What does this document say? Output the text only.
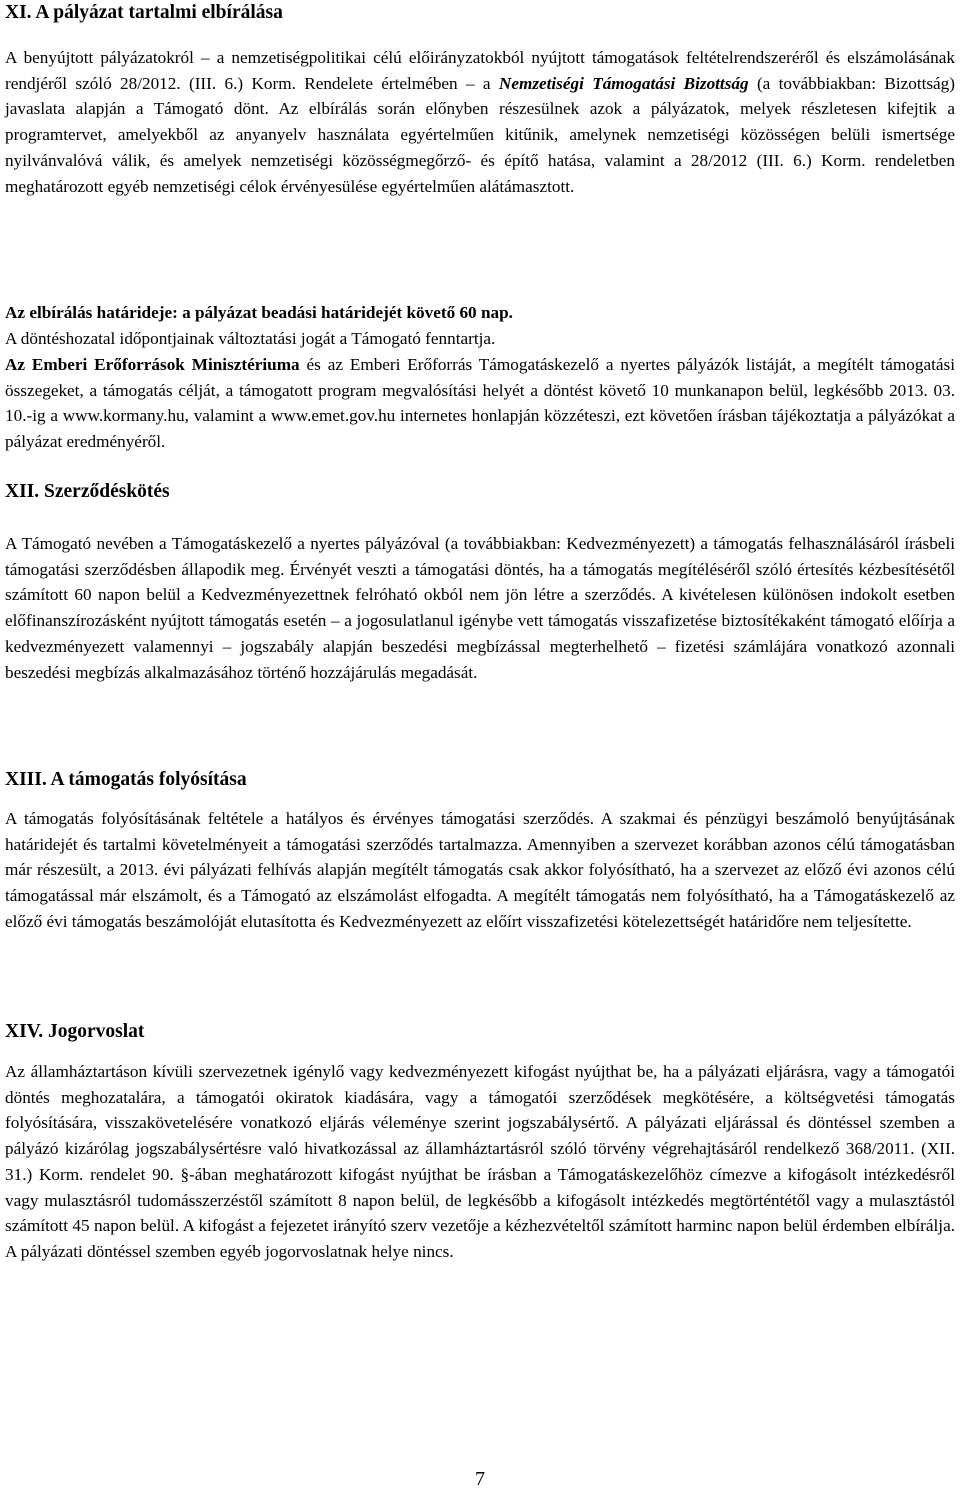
XI. A pályázat tartalmi elbírálása
A benyújtott pályázatokról – a nemzetiségpolitikai célú előirányzatokból nyújtott támogatások feltételrendszeréről és elszámolásának rendjéről szóló 28/2012. (III. 6.) Korm. Rendelete értelmében – a Nemzetiségi Támogatási Bizottság (a továbbiakban: Bizottság) javaslata alapján a Támogató dönt. Az elbírálás során előnyben részesülnek azok a pályázatok, melyek részletesen kifejtik a programtervet, amelyekből az anyanyelv használata egyértelműen kitűnik, amelynek nemzetiségi közösségen belüli ismertsége nyilvánvalóvá válik, és amelyek nemzetiségi közösségmegőrző- és építő hatása, valamint a 28/2012 (III. 6.) Korm. rendeletben meghatározott egyéb nemzetiségi célok érvényesülése egyértelműen alátámasztott.
Az elbírálás határideje: a pályázat beadási határidejét követő 60 nap.
A döntéshozatal időpontjainak változtatási jogát a Támogató fenntartja.
Az Emberi Erőforrások Minisztériuma és az Emberi Erőforrás Támogatáskezelő a nyertes pályázók listáját, a megítélt támogatási összegeket, a támogatás célját, a támogatott program megvalósítási helyét a döntést követő 10 munkanapon belül, legkésőbb 2013. 03. 10.-ig a www.kormany.hu, valamint a www.emet.gov.hu internetes honlapján közzéteszi, ezt követően írásban tájékoztatja a pályázókat a pályázat eredményéről.
XII. Szerződéskötés
A Támogató nevében a Támogatáskezelő a nyertes pályázóval (a továbbiakban: Kedvezményezett) a támogatás felhasználásáról írásbeli támogatási szerződésben állapodik meg. Érvényét veszti a támogatási döntés, ha a támogatás megítéléséről szóló értesítés kézbesítésétől számított 60 napon belül a Kedvezményezettnek felróható okból nem jön létre a szerződés. A kivételesen különösen indokolt esetben előfinanszírozásként nyújtott támogatás esetén – a jogosulatlanul igénybe vett támogatás visszafizetése biztosítékaként támogató előírja a kedvezményezett valamennyi – jogszabály alapján beszedési megbízással megterhelhető – fizetési számlájára vonatkozó azonnali beszedési megbízás alkalmazásához történő hozzájárulás megadását.
XIII. A támogatás folyósítása
A támogatás folyósításának feltétele a hatályos és érvényes támogatási szerződés. A szakmai és pénzügyi beszámoló benyújtásának határidejét és tartalmi követelményeit a támogatási szerződés tartalmazza. Amennyiben a szervezet korábban azonos célú támogatásban már részesült, a 2013. évi pályázati felhívás alapján megítélt támogatás csak akkor folyósítható, ha a szervezet az előző évi azonos célú támogatással már elszámolt, és a Támogató az elszámolást elfogadta. A megítélt támogatás nem folyósítható, ha a Támogatáskezelő az előző évi támogatás beszámolóját elutasította és Kedvezményezett az előírt visszafizetési kötelezettségét határidőre nem teljesítette.
XIV. Jogorvoslat
Az államháztartáson kívüli szervezetnek igénylő vagy kedvezményezett kifogást nyújthat be, ha a pályázati eljárásra, vagy a támogatói döntés meghozatalára, a támogatói okiratok kiadására, vagy a támogatói szerződések megkötésére, a költségvetési támogatás folyósítására, visszakövetelésére vonatkozó eljárás véleménye szerint jogszabálysértő. A pályázati eljárással és döntéssel szemben a pályázó kizárólag jogszabálysértésre való hivatkozással az államháztartásról szóló törvény végrehajtásáról rendelkező 368/2011. (XII. 31.) Korm. rendelet 90. §-ában meghatározott kifogást nyújthat be írásban a Támogatáskezelőhöz címezve a kifogásolt intézkedésről vagy mulasztásról tudomásszerzéstől számított 8 napon belül, de legkésőbb a kifogásolt intézkedés megtörténtétől vagy a mulasztástól számított 45 napon belül. A kifogást a fejezetet irányító szerv vezetője a kézhezvételtől számított harminc napon belül érdemben elbírálja. A pályázati döntéssel szemben egyéb jogorvoslatnak helye nincs.
7
